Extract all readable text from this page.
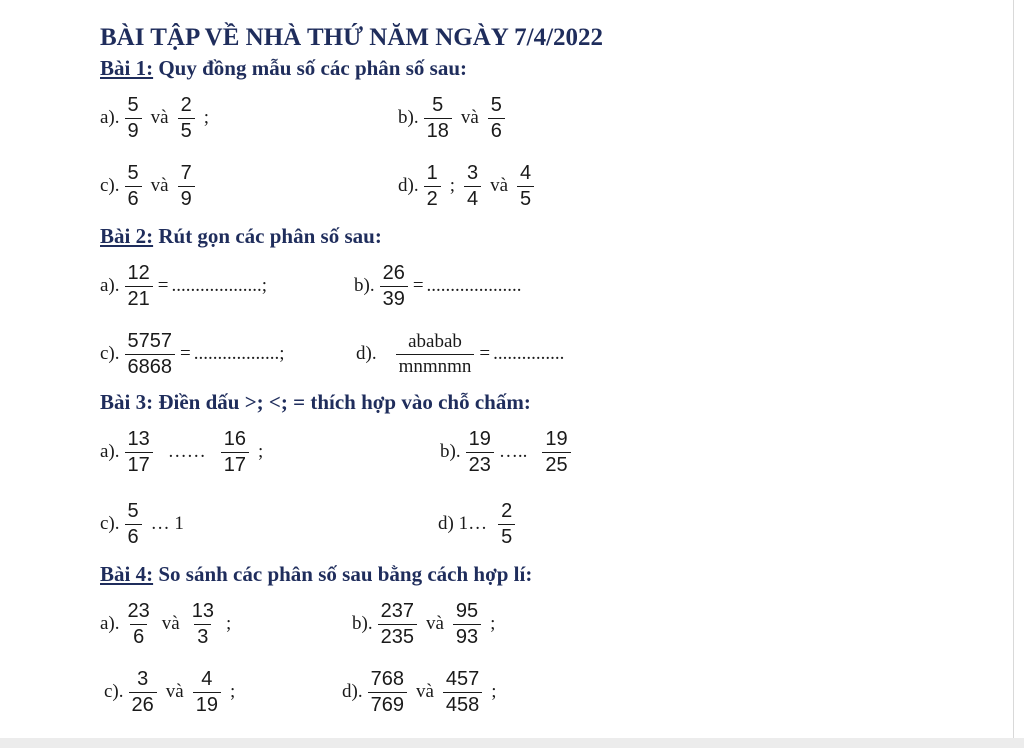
BÀI TẬP VỀ NHÀ THỨ NĂM NGÀY 7/4/2022
Bài 1: Quy đồng mẫu số các phân số sau:
a). $\frac{5}{9}$ và $\frac{2}{5}$ ;	b). $\frac{5}{18}$ và $\frac{5}{6}$
c). $\frac{5}{6}$ và $\frac{7}{9}$	d). $\frac{1}{2}$ ; $\frac{3}{4}$ và $\frac{4}{5}$
Bài 2: Rút gọn các phân số sau:
a). $\frac{12}{21}$ = ...................;	b). $\frac{26}{39}$ = ....................
c). $\frac{5757}{6868}$ = ..................;	d). $\frac{\text{ababab}}{\text{mnmnmn}}$ = ...............
Bài 3: Điền dấu >; <; = thích hợp vào chỗ chấm:
a). $\frac{13}{17}$ …… $\frac{16}{17}$ ;	b). $\frac{19}{23}$ ….. $\frac{19}{25}$
c). $\frac{5}{6}$ … 1	d) 1… $\frac{2}{5}$
Bài 4: So sánh các phân số sau bằng cách hợp lí:
a). $\frac{23}{6}$ và $\frac{13}{3}$ ;	b). $\frac{237}{235}$ và $\frac{95}{93}$ ;
c). $\frac{3}{26}$ và $\frac{4}{19}$ ;	d). $\frac{768}{769}$ và $\frac{457}{458}$ ;
